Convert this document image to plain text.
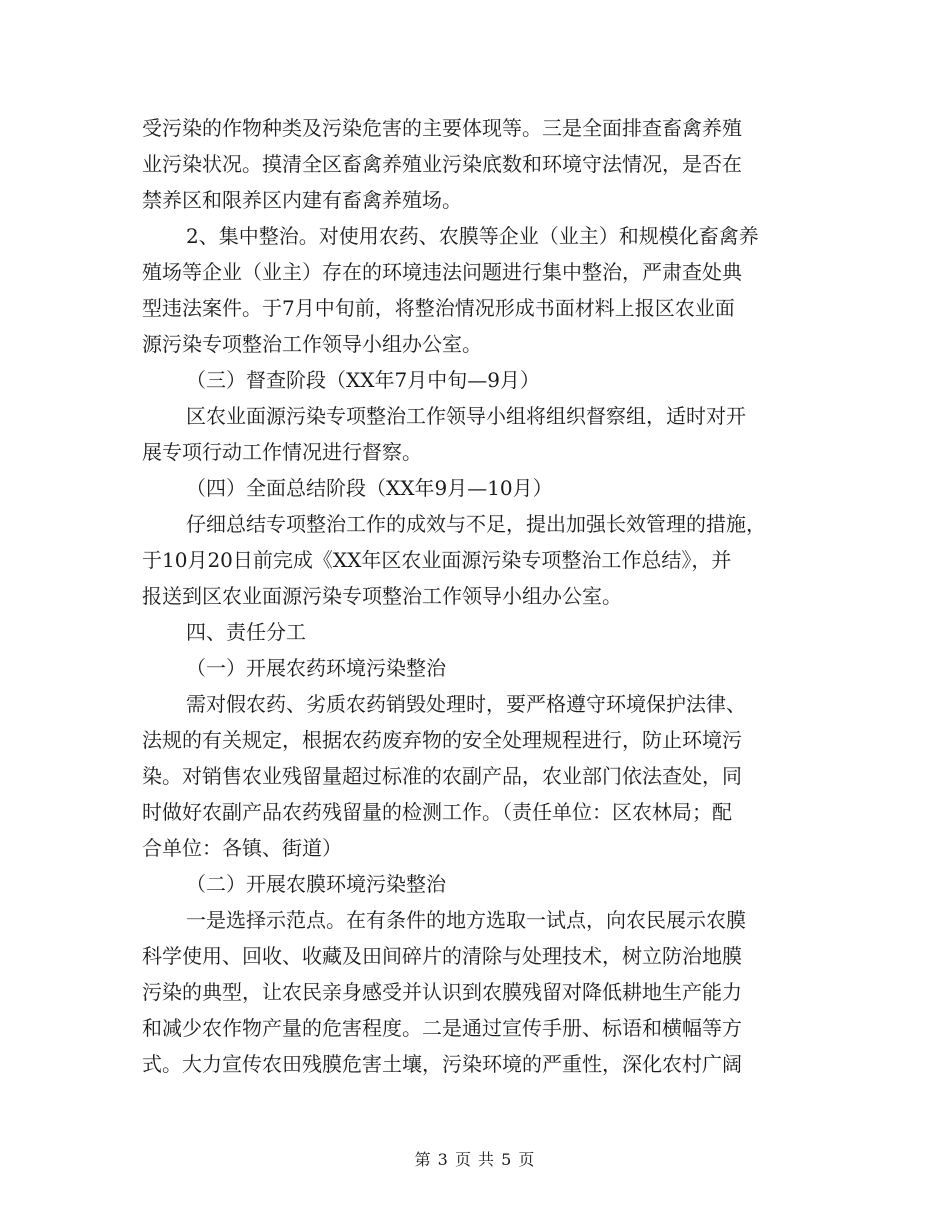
受污染的作物种类及污染危害的主要体现等。三是全面排查畜禽养殖
业污染状况。摸清全区畜禽养殖业污染底数和环境守法情况，是否在
禁养区和限养区内建有畜禽养殖场。
2、集中整治。对使用农药、农膜等企业（业主）和规模化畜禽养
殖场等企业（业主）存在的环境违法问题进行集中整治，严肃查处典
型违法案件。于7月中旬前，将整治情况形成书面材料上报区农业面
源污染专项整治工作领导小组办公室。
（三）督查阶段（XX年7月中旬—9月）
区农业面源污染专项整治工作领导小组将组织督察组，适时对开
展专项行动工作情况进行督察。
（四）全面总结阶段（XX年9月—10月）
仔细总结专项整治工作的成效与不足，提出加强长效管理的措施，
于10月20日前完成《XX年区农业面源污染专项整治工作总结》，并
报送到区农业面源污染专项整治工作领导小组办公室。
四、责任分工
（一）开展农药环境污染整治
需对假农药、劣质农药销毁处理时，要严格遵守环境保护法律、
法规的有关规定，根据农药废弃物的安全处理规程进行，防止环境污
染。对销售农业残留量超过标准的农副产品，农业部门依法查处，同
时做好农副产品农药残留量的检测工作。（责任单位：区农林局；配
合单位：各镇、街道）
（二）开展农膜环境污染整治
一是选择示范点。在有条件的地方选取一试点，向农民展示农膜
科学使用、回收、收藏及田间碎片的清除与处理技术，树立防治地膜
污染的典型，让农民亲身感受并认识到农膜残留对降低耕地生产能力
和减少农作物产量的危害程度。二是通过宣传手册、标语和横幅等方
式。大力宣传农田残膜危害土壤，污染环境的严重性，深化农村广阔
第 3 页 共 5 页
